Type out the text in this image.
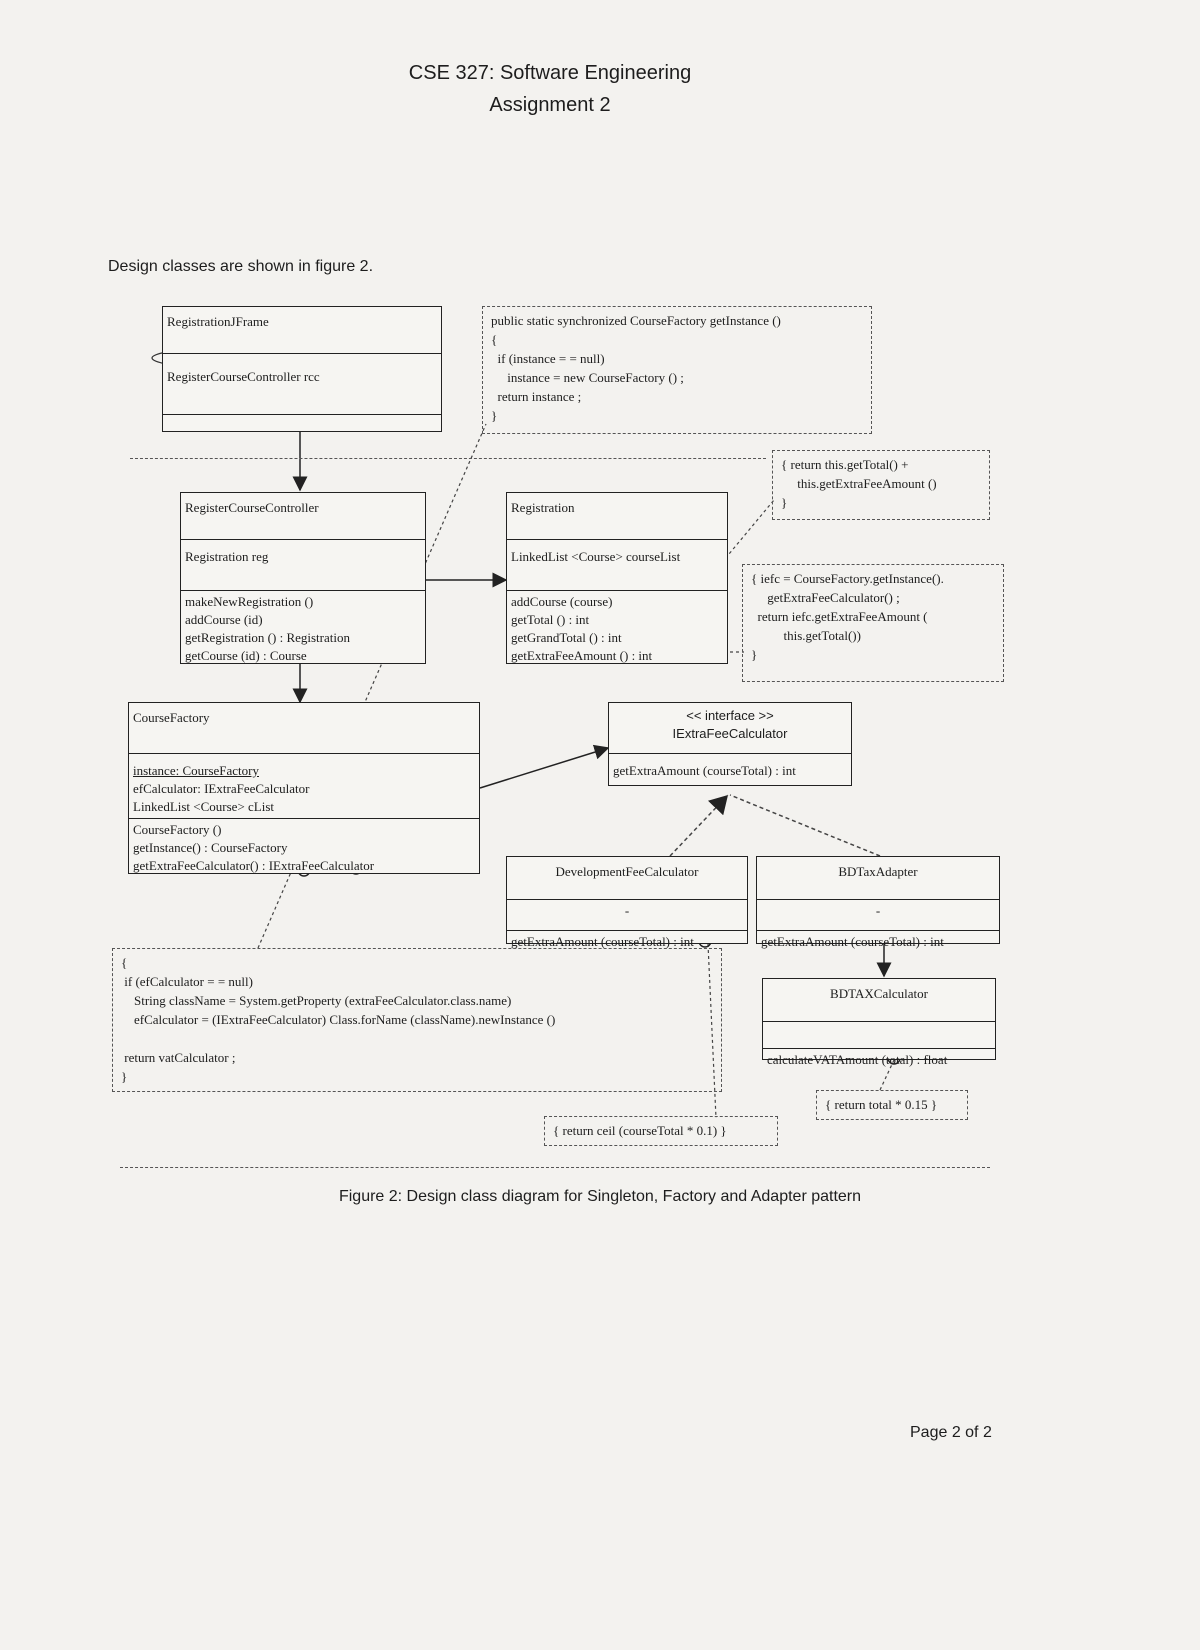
CSE 327: Software Engineering
Assignment 2
Design classes are shown in figure 2.
RegistrationJFrame
RegisterCourseController rcc
RegisterCourseController
Registration reg
makeNewRegistration ()
addCourse (id)
getRegistration () : Registration
getCourse (id) : Course
Registration
LinkedList <Course> courseList
addCourse (course)
getTotal () : int
getGrandTotal () : int
getExtraFeeAmount () : int
CourseFactory
instance: CourseFactory
efCalculator: IExtraFeeCalculator
LinkedList <Course> cList
CourseFactory ()
getInstance() : CourseFactory
getExtraFeeCalculator() : IExtraFeeCalculator
<< interface >>
IExtraFeeCalculator
getExtraAmount (courseTotal) : int
DevelopmentFeeCalculator
-
getExtraAmount (courseTotal) : int
BDTaxAdapter
-
getExtraAmount (courseTotal) : int
BDTAXCalculator
calculateVATAmount (total) : float
public static synchronized CourseFactory getInstance ()
{
if (instance = = null)
instance = new CourseFactory () ;
return instance ;
}
{ return this.getTotal() +
this.getExtraFeeAmount ()
}
{ iefc = CourseFactory.getInstance().
getExtraFeeCalculator() ;
return iefc.getExtraFeeAmount (
this.getTotal())
}
{
if (efCalculator = = null)
String className = System.getProperty (extraFeeCalculator.class.name)
efCalculator = (IExtraFeeCalculator) Class.forName (className).newInstance ()

return vatCalculator ;
}
{ return ceil (courseTotal * 0.1) }
{ return total * 0.15 }
Figure 2: Design class diagram for Singleton, Factory and Adapter pattern
Page 2 of 2
